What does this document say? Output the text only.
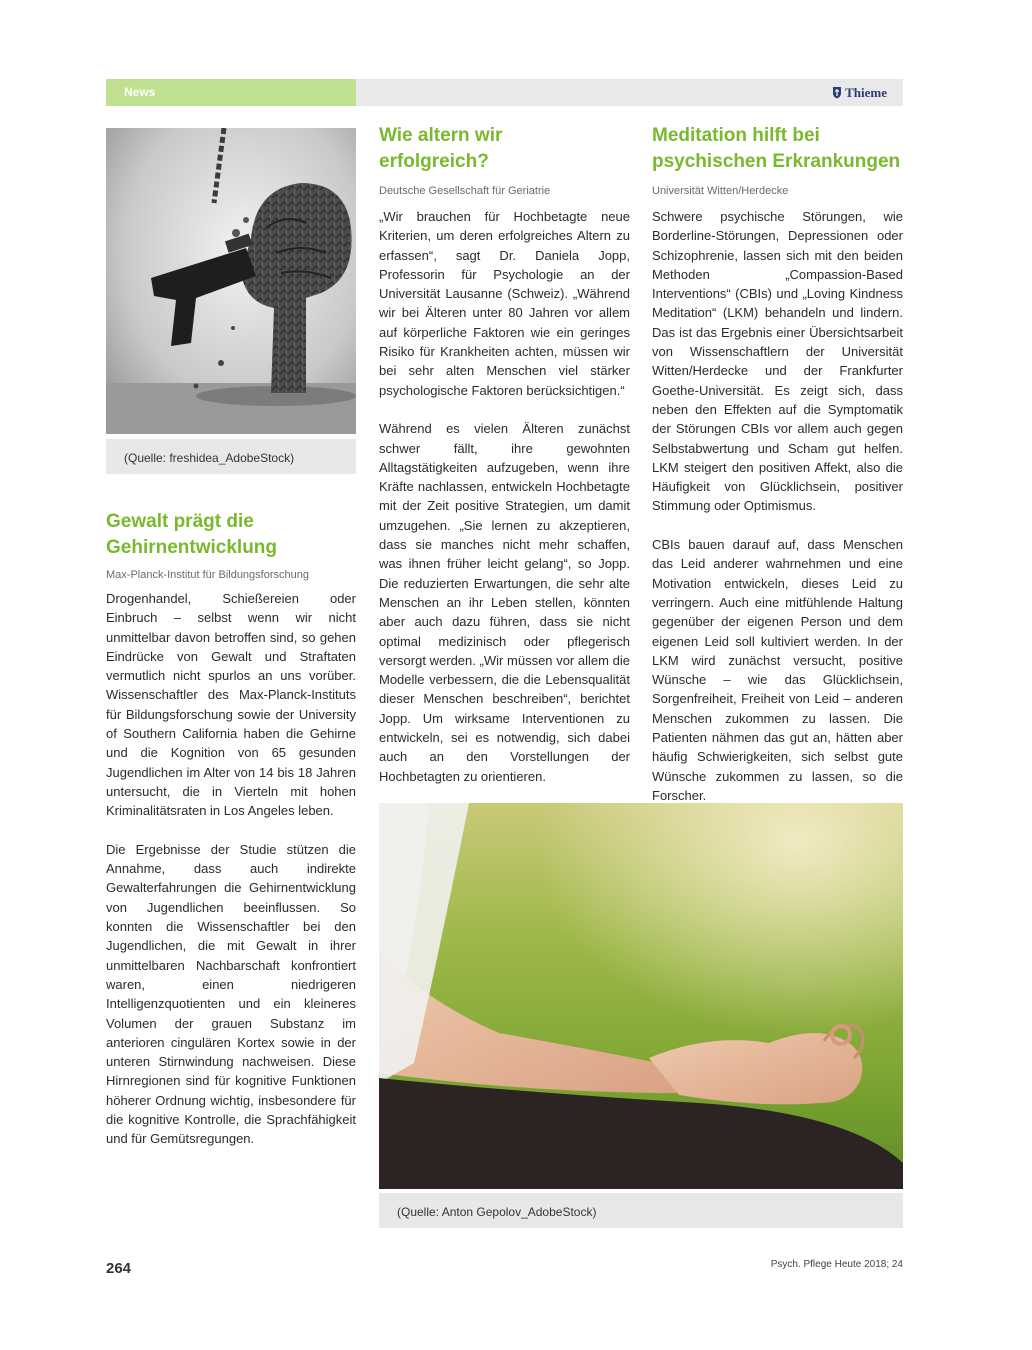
News	Thieme
(Quelle: freshidea_AdobeStock)
Gewalt prägt die
Gehirnentwicklung

Max-Planck-Institut für Bildungsforschung

Drogenhandel, Schießereien oder Einbruch – selbst wenn wir nicht unmittelbar davon betroffen sind, so gehen Eindrücke von Gewalt und Straftaten vermutlich nicht spurlos an uns vorüber. Wissenschaftler des Max-Planck-Instituts für Bildungsforschung sowie der University of Southern California haben die Gehirne und die Kognition von 65 gesunden Jugendlichen im Alter von 14 bis 18 Jahren untersucht, die in Vierteln mit hohen Kriminalitätsraten in Los Angeles leben.

Die Ergebnisse der Studie stützen die Annahme, dass auch indirekte Gewalterfahrungen die Gehirnentwicklung von Jugendlichen beeinflussen. So konnten die Wissenschaftler bei den Jugendlichen, die mit Gewalt in ihrer unmittelbaren Nachbarschaft konfrontiert waren, einen niedrigeren Intelligenzquotienten und ein kleineres Volumen der grauen Substanz im anterioren cingulären Kortex sowie in der unteren Stirnwindung nachweisen. Diese Hirnregionen sind für kognitive Funktionen höherer Ordnung wichtig, insbesondere für die kognitive Kontrolle, die Sprachfähigkeit und für Gemütsregungen.

Wie altern wir
erfolgreich?

Deutsche Gesellschaft für Geriatrie

„Wir brauchen für Hochbetagte neue Kriterien, um deren erfolgreiches Altern zu erfassen“, sagt Dr. Daniela Jopp, Professorin für Psychologie an der Universität Lausanne (Schweiz). „Während wir bei Älteren unter 80 Jahren vor allem auf körperliche Faktoren wie ein geringes Risiko für Krankheiten achten, müssen wir bei sehr alten Menschen viel stärker psychologische Faktoren berücksichtigen.“

Während es vielen Älteren zunächst schwer fällt, ihre gewohnten Alltagstätigkeiten aufzugeben, wenn ihre Kräfte nachlassen, entwickeln Hochbetagte mit der Zeit positive Strategien, um damit umzugehen. „Sie lernen zu akzeptieren, dass sie manches nicht mehr schaffen, was ihnen früher leicht gelang“, so Jopp. Die reduzierten Erwartungen, die sehr alte Menschen an ihr Leben stellen, könnten aber auch dazu führen, dass sie nicht optimal medizinisch oder pflegerisch versorgt werden. „Wir müssen vor allem die Modelle verbessern, die die Lebensqualität dieser Menschen beschreiben“, berichtet Jopp. Um wirksame Interventionen zu entwickeln, sei es notwendig, sich dabei auch an den Vorstellungen der Hochbetagten zu orientieren.

Meditation hilft bei
psychischen Erkrankungen

Universität Witten/Herdecke

Schwere psychische Störungen, wie Borderline-Störungen, Depressionen oder Schizophrenie, lassen sich mit den beiden Methoden „Compassion-Based Interventions“ (CBIs) und „Loving Kindness Meditation“ (LKM) behandeln und lindern. Das ist das Ergebnis einer Übersichtsarbeit von Wissenschaftlern der Universität Witten/Herdecke und der Frankfurter Goethe-Universität. Es zeigt sich, dass neben den Effekten auf die Symptomatik der Störungen CBIs vor allem auch gegen Selbstabwertung und Scham gut helfen. LKM steigert den positiven Affekt, also die Häufigkeit von Glücklichsein, positiver Stimmung oder Optimismus.

CBIs bauen darauf auf, dass Menschen das Leid anderer wahrnehmen und eine Motivation entwickeln, dieses Leid zu verringern. Auch eine mitfühlende Haltung gegenüber der eigenen Person und dem eigenen Leid soll kultiviert werden. In der LKM wird zunächst versucht, positive Wünsche – wie das Glücklichsein, Sorgenfreiheit, Freiheit von Leid – anderen Menschen zukommen zu lassen. Die Patienten nähmen das gut an, hätten aber häufig Schwierigkeiten, sich selbst gute Wünsche zukommen zu lassen, so die Forscher.

(Quelle: Anton Gepolov_AdobeStock)
264	Psych. Pflege Heute 2018; 24
